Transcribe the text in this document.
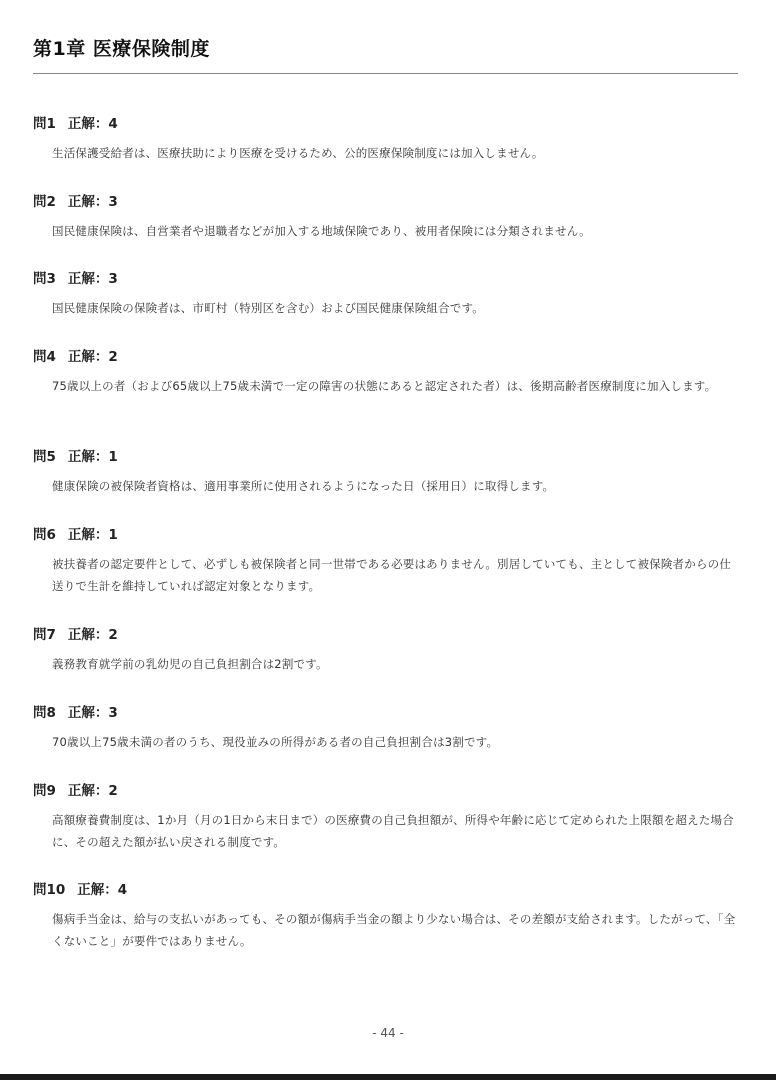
第1章 医療保険制度
問1 正解：4
生活保護受給者は、医療扶助により医療を受けるため、公的医療保険制度には加入しません。
問2 正解：3
国民健康保険は、自営業者や退職者などが加入する地域保険であり、被用者保険には分類されません。
問3 正解：3
国民健康保険の保険者は、市町村（特別区を含む）および国民健康保険組合です。
問4 正解：2
75歳以上の者（および65歳以上75歳未満で一定の障害の状態にあると認定された者）は、後期高齢者医療制度に加入します。
問5 正解：1
健康保険の被保険者資格は、適用事業所に使用されるようになった日（採用日）に取得します。
問6 正解：1
被扶養者の認定要件として、必ずしも被保険者と同一世帯である必要はありません。別居していても、主として被保険者からの仕送りで生計を維持していれば認定対象となります。
問7 正解：2
義務教育就学前の乳幼児の自己負担割合は2割です。
問8 正解：3
70歳以上75歳未満の者のうち、現役並みの所得がある者の自己負担割合は3割です。
問9 正解：2
高額療養費制度は、1か月（月の1日から末日まで）の医療費の自己負担額が、所得や年齢に応じて定められた上限額を超えた場合に、その超えた額が払い戻される制度です。
問10 正解：4
傷病手当金は、給与の支払いがあっても、その額が傷病手当金の額より少ない場合は、その差額が支給されます。したがって、「全くないこと」が要件ではありません。
- 44 -
